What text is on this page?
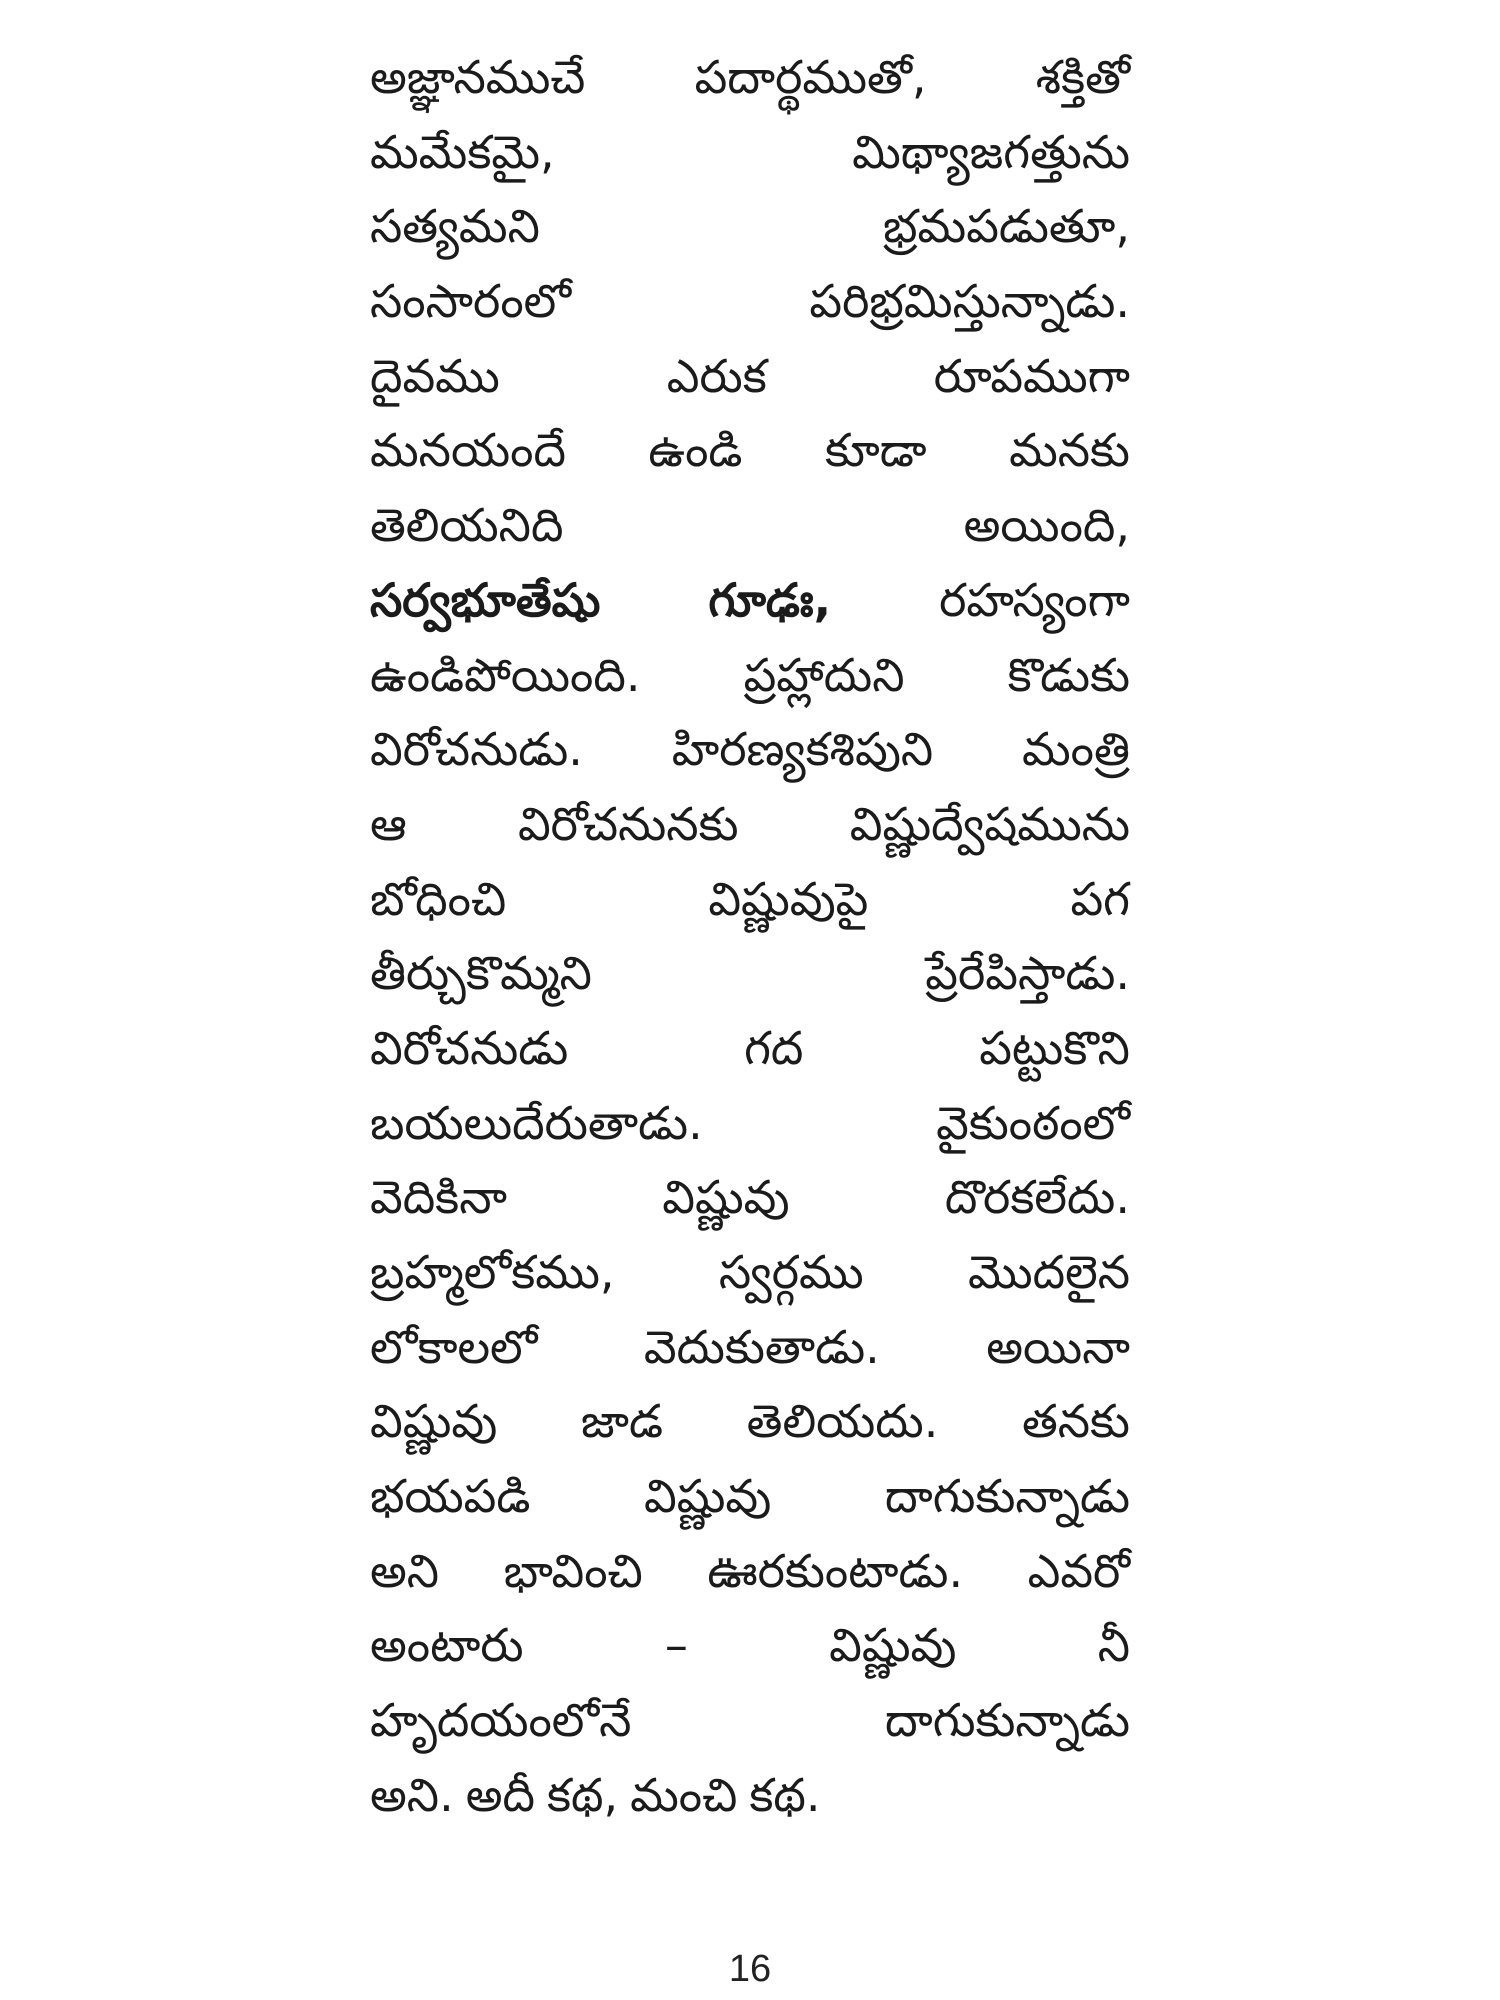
అజ్ఞానముచే పదార్థముతో, శక్తితో
మమేకమై,	మిథ్యాజగత్తును
సత్యమని	భ్రమపడుతూ,
సంసారంలో	పరిభ్రమిస్తున్నాడు.
దైవము	ఎరుక	రూపముగా
మనయందే ఉండి కూడా మనకు
తెలియనిది	అయింది,
సర్వభూతేషు గూఢః, రహస్యంగా
ఉండిపోయింది. ప్రహ్లాదుని కొడుకు
విరోచనుడు. హిరణ్యకశిపుని మంత్రి
ఆ విరోచనునకు విష్ణుద్వేషమును
బోధించి	విష్ణువుపై	పగ
తీర్చుకొమ్మని	ప్రేరేపిస్తాడు.
విరోచనుడు	గద	పట్టుకొని
బయలుదేరుతాడు.	వైకుంఠంలో
వెదికినా	విష్ణువు	దొరకలేదు.
బ్రహ్మలోకము, స్వర్గము మొదలైన
లోకాలలో వెదుకుతాడు. అయినా
విష్ణువు జాడ తెలియదు. తనకు
భయపడి విష్ణువు దాగుకున్నాడు
అని భావించి ఊరకుంటాడు. ఎవరో
అంటారు	–	విష్ణువు	నీ
హృదయంలోనే	దాగుకున్నాడు
అని. అదీ కథ, మంచి కథ.
16
